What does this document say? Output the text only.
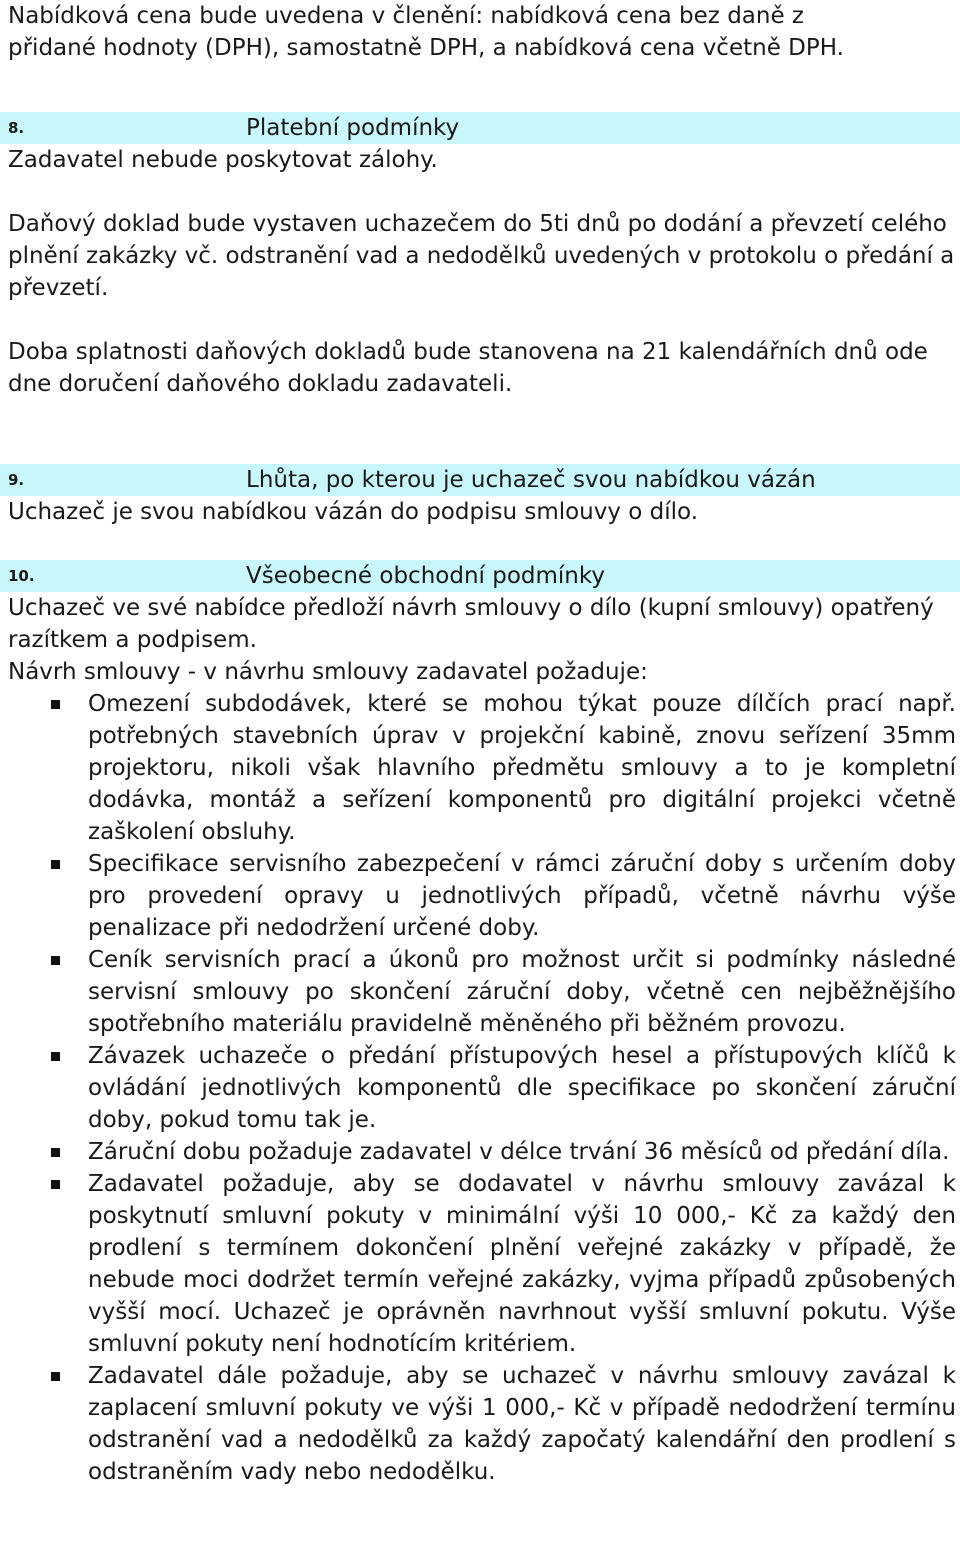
Nabídková cena bude uvedena v členění: nabídková cena bez daně z přidané hodnoty (DPH), samostatně DPH, a nabídková cena včetně DPH.

8.	Platební podmínky

Zadavatel nebude poskytovat zálohy.

Daňový doklad bude vystaven uchazečem do 5ti dnů po dodání a převzetí celého plnění zakázky vč. odstranění vad a nedodělků uvedených v protokolu o předání a převzetí.

Doba splatnosti daňových dokladů bude stanovena na 21 kalendářních dnů ode dne doručení daňového dokladu zadavateli.

9.	Lhůta, po kterou je uchazeč svou nabídkou vázán

Uchazeč je svou nabídkou vázán do podpisu smlouvy o dílo.

10.	Všeobecné obchodní podmínky

Uchazeč ve své nabídce předloží návrh smlouvy o dílo (kupní smlouvy) opatřený razítkem a podpisem.

Návrh smlouvy - v návrhu smlouvy zadavatel požaduje:

Omezení subdodávek, které se mohou týkat pouze dílčích prací např. potřebných stavebních úprav v projekční kabině, znovu seřízení 35mm projektoru, nikoli však hlavního předmětu smlouvy a to je kompletní dodávka, montáž a seřízení komponentů pro digitální projekci včetně zaškolení obsluhy.
Specifikace servisního zabezpečení v rámci záruční doby s určením doby pro provedení opravy u jednotlivých případů, včetně návrhu výše penalizace při nedodržení určené doby.
Ceník servisních prací a úkonů pro možnost určit si podmínky následné servisní smlouvy po skončení záruční doby, včetně cen nejběžnějšího spotřebního materiálu pravidelně měněného při běžném provozu.
Závazek uchazeče o předání přístupových hesel a přístupových klíčů k ovládání jednotlivých komponentů dle specifikace po skončení záruční doby, pokud tomu tak je.
Záruční dobu požaduje zadavatel v délce trvání 36 měsíců od předání díla.
Zadavatel požaduje, aby se dodavatel v návrhu smlouvy zavázal k poskytnutí smluvní pokuty v minimální výši 10 000,- Kč za každý den prodlení s termínem dokončení plnění veřejné zakázky v případě, že nebude moci dodržet termín veřejné zakázky, vyjma případů způsobených vyšší mocí. Uchazeč je oprávněn navrhnout vyšší smluvní pokutu. Výše smluvní pokuty není hodnotícím kritériem.
Zadavatel dále požaduje, aby se uchazeč v návrhu smlouvy zavázal k zaplacení smluvní pokuty ve výši 1 000,- Kč v případě nedodržení termínu odstranění vad a nedodělků za každý započatý kalendářní den prodlení s odstraněním vady nebo nedodělku.
